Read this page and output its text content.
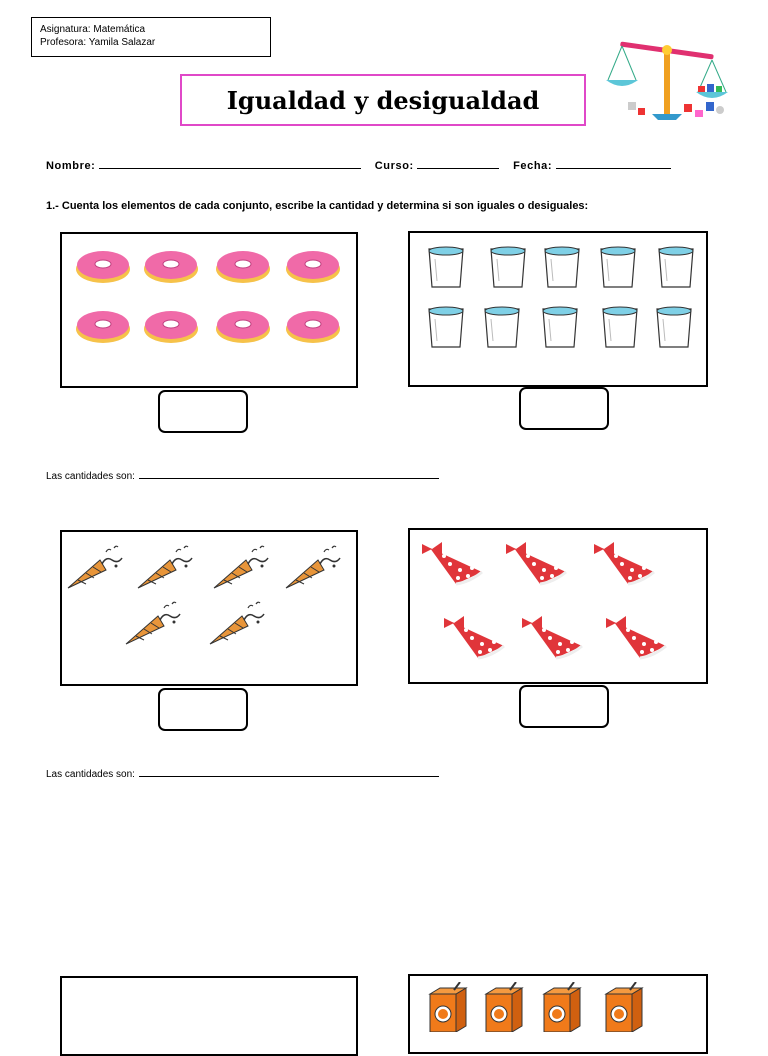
Asignatura: Matemática
Profesora: Yamila Salazar
Igualdad y desigualdad
Nombre:	Curso:	Fecha:
1.- Cuenta los elementos de cada conjunto, escribe la cantidad y determina si son iguales o desiguales:
Las cantidades son:
Las cantidades son:
